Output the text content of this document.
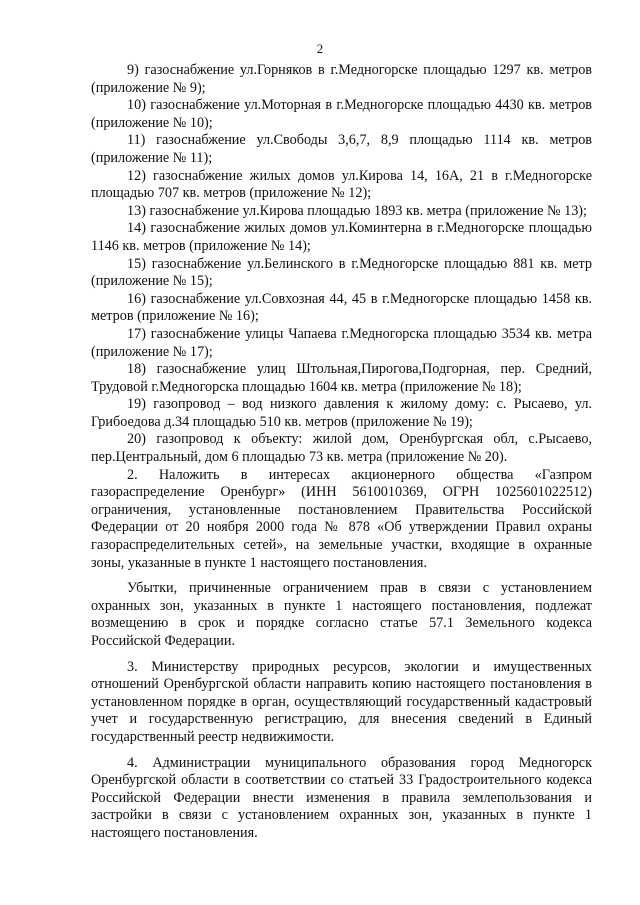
2

9) газоснабжение ул.Горняков в г.Медногорске площадью 1297 кв. метров (приложение № 9);

10) газоснабжение ул.Моторная в г.Медногорске площадью 4430 кв. метров (приложение № 10);

11) газоснабжение ул.Свободы 3,6,7, 8,9 площадью 1114 кв. метров (приложение № 11);

12) газоснабжение жилых домов ул.Кирова 14, 16А, 21 в г.Медногорске площадью 707 кв. метров (приложение № 12);

13) газоснабжение ул.Кирова площадью 1893 кв. метра (приложение № 13);

14) газоснабжение жилых домов ул.Коминтерна в г.Медногорске площадью 1146 кв. метров (приложение № 14);

15) газоснабжение ул.Белинского в г.Медногорске площадью 881 кв. метр (приложение № 15);

16) газоснабжение ул.Совхозная 44, 45 в г.Медногорске площадью 1458 кв. метров (приложение № 16);

17) газоснабжение улицы Чапаева г.Медногорска площадью 3534 кв. метра (приложение № 17);

18) газоснабжение улиц Штольная,Пирогова,Подгорная, пер. Средний, Трудовой г.Медногорска площадью 1604 кв. метра (приложение № 18);

19) газопровод – вод низкого давления к жилому дому: с. Рысаево, ул. Грибоедова д.34 площадью 510 кв. метров (приложение № 19);

20) газопровод к объекту: жилой дом, Оренбургская обл, с.Рысаево, пер.Центральный, дом 6 площадью 73 кв. метра (приложение № 20).

2. Наложить в интересах акционерного общества «Газпром газораспределение Оренбург» (ИНН 5610010369, ОГРН 1025601022512) ограничения, установленные постановлением Правительства Российской Федерации от 20 ноября 2000 года № 878 «Об утверждении Правил охраны газораспределительных сетей», на земельные участки, входящие в охранные зоны, указанные в пункте 1 настоящего постановления.

Убытки, причиненные ограничением прав в связи с установлением охранных зон, указанных в пункте 1 настоящего постановления, подлежат возмещению в срок и порядке согласно статье 57.1 Земельного кодекса Российской Федерации.

3. Министерству природных ресурсов, экологии и имущественных отношений Оренбургской области направить копию настоящего постановления в установленном порядке в орган, осуществляющий государственный кадастровый учет и государственную регистрацию, для внесения сведений в Единый государственный реестр недвижимости.

4. Администрации муниципального образования город Медногорск Оренбургской области в соответствии со статьей 33 Градостроительного кодекса Российской Федерации внести изменения в правила землепользования и застройки в связи с установлением охранных зон, указанных в пункте 1 настоящего постановления.
